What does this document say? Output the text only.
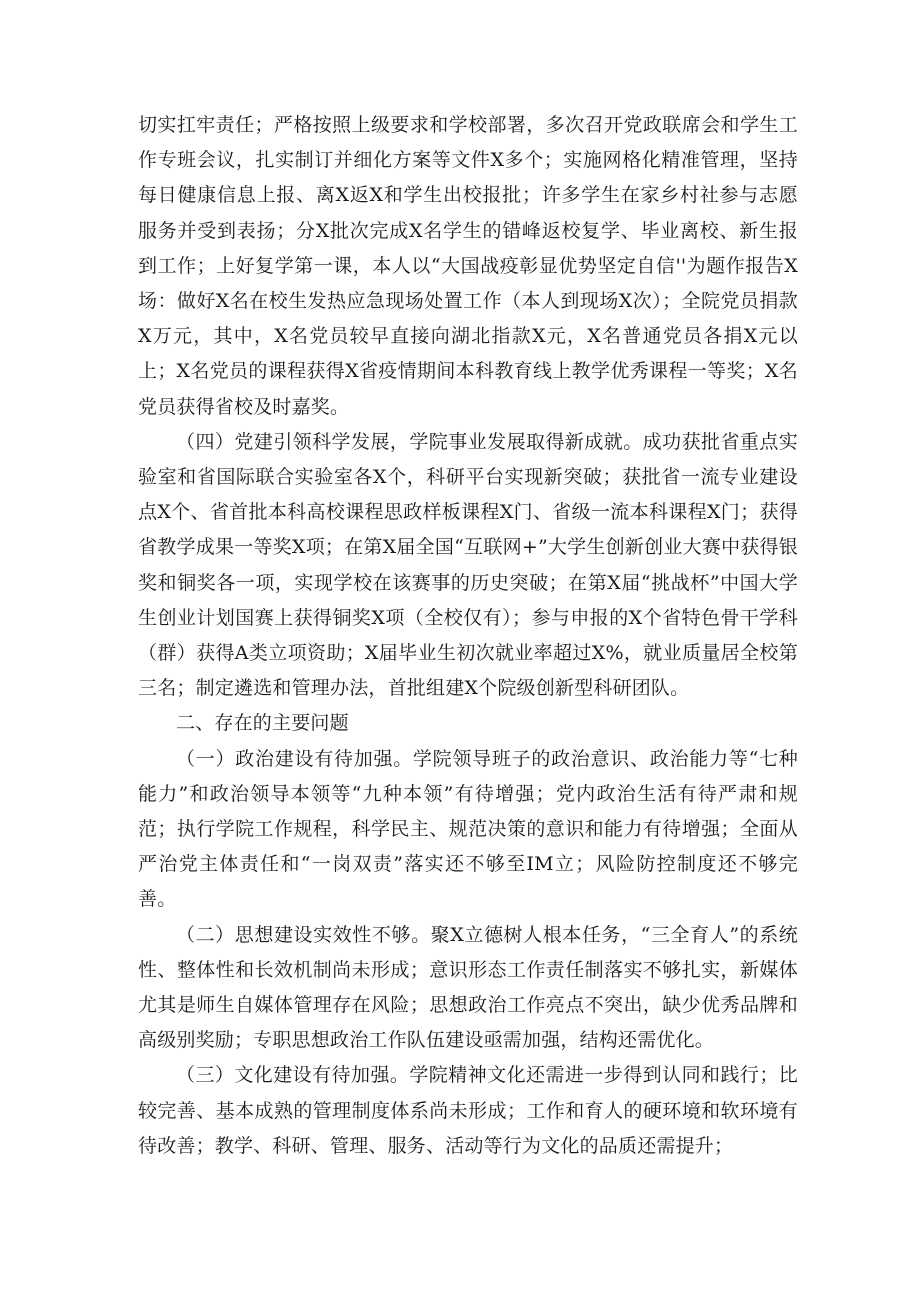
切实扛牢责任；严格按照上级要求和学校部署，多次召开党政联席会和学生工作专班会议，扎实制订并细化方案等文件X多个；实施网格化精准管理，坚持每日健康信息上报、离X返X和学生出校报批；许多学生在家乡村社参与志愿服务并受到表扬；分X批次完成X名学生的错峰返校复学、毕业离校、新生报到工作；上好复学第一课，本人以“大国战疫彰显优势坚定自信''为题作报告X场：做好X名在校生发热应急现场处置工作（本人到现场X次）；全院党员捐款X万元，其中，X名党员较早直接向湖北指款X元，X名普通党员各捐X元以上；X名党员的课程获得X省疫情期间本科教育线上教学优秀课程一等奖；X名党员获得省校及时嘉奖。

（四）党建引领科学发展，学院事业发展取得新成就。成功获批省重点实验室和省国际联合实验室各X个，科研平台实现新突破；获批省一流专业建设点X个、省首批本科高校课程思政样板课程X门、省级一流本科课程X门；获得省教学成果一等奖X项；在第X届全国“互联网+”大学生创新创业大赛中获得银奖和铜奖各一项，实现学校在该赛事的历史突破；在第X届“挑战杯”中国大学生创业计划国赛上获得铜奖X项（全校仅有）；参与申报的X个省特色骨干学科（群）获得A类立项资助；X届毕业生初次就业率超过X%，就业质量居全校第三名；制定遴选和管理办法，首批组建X个院级创新型科研团队。

二、存在的主要问题

（一）政治建设有待加强。学院领导班子的政治意识、政治能力等“七种能力”和政治领导本领等“九种本领”有待增强；党内政治生活有待严肃和规范；执行学院工作规程，科学民主、规范决策的意识和能力有待增强；全面从严治党主体责任和“一岗双责”落实还不够至IM立；风险防控制度还不够完善。

（二）思想建设实效性不够。聚X立德树人根本任务，“三全育人”的系统性、整体性和长效机制尚未形成；意识形态工作责任制落实不够扎实，新媒体尤其是师生自媒体管理存在风险；思想政治工作亮点不突出，缺少优秀品牌和高级别奖励；专职思想政治工作队伍建设亟需加强，结构还需优化。

（三）文化建设有待加强。学院精神文化还需进一步得到认同和践行；比较完善、基本成熟的管理制度体系尚未形成；工作和育人的硬环境和软环境有待改善；教学、科研、管理、服务、活动等行为文化的品质还需提升；
